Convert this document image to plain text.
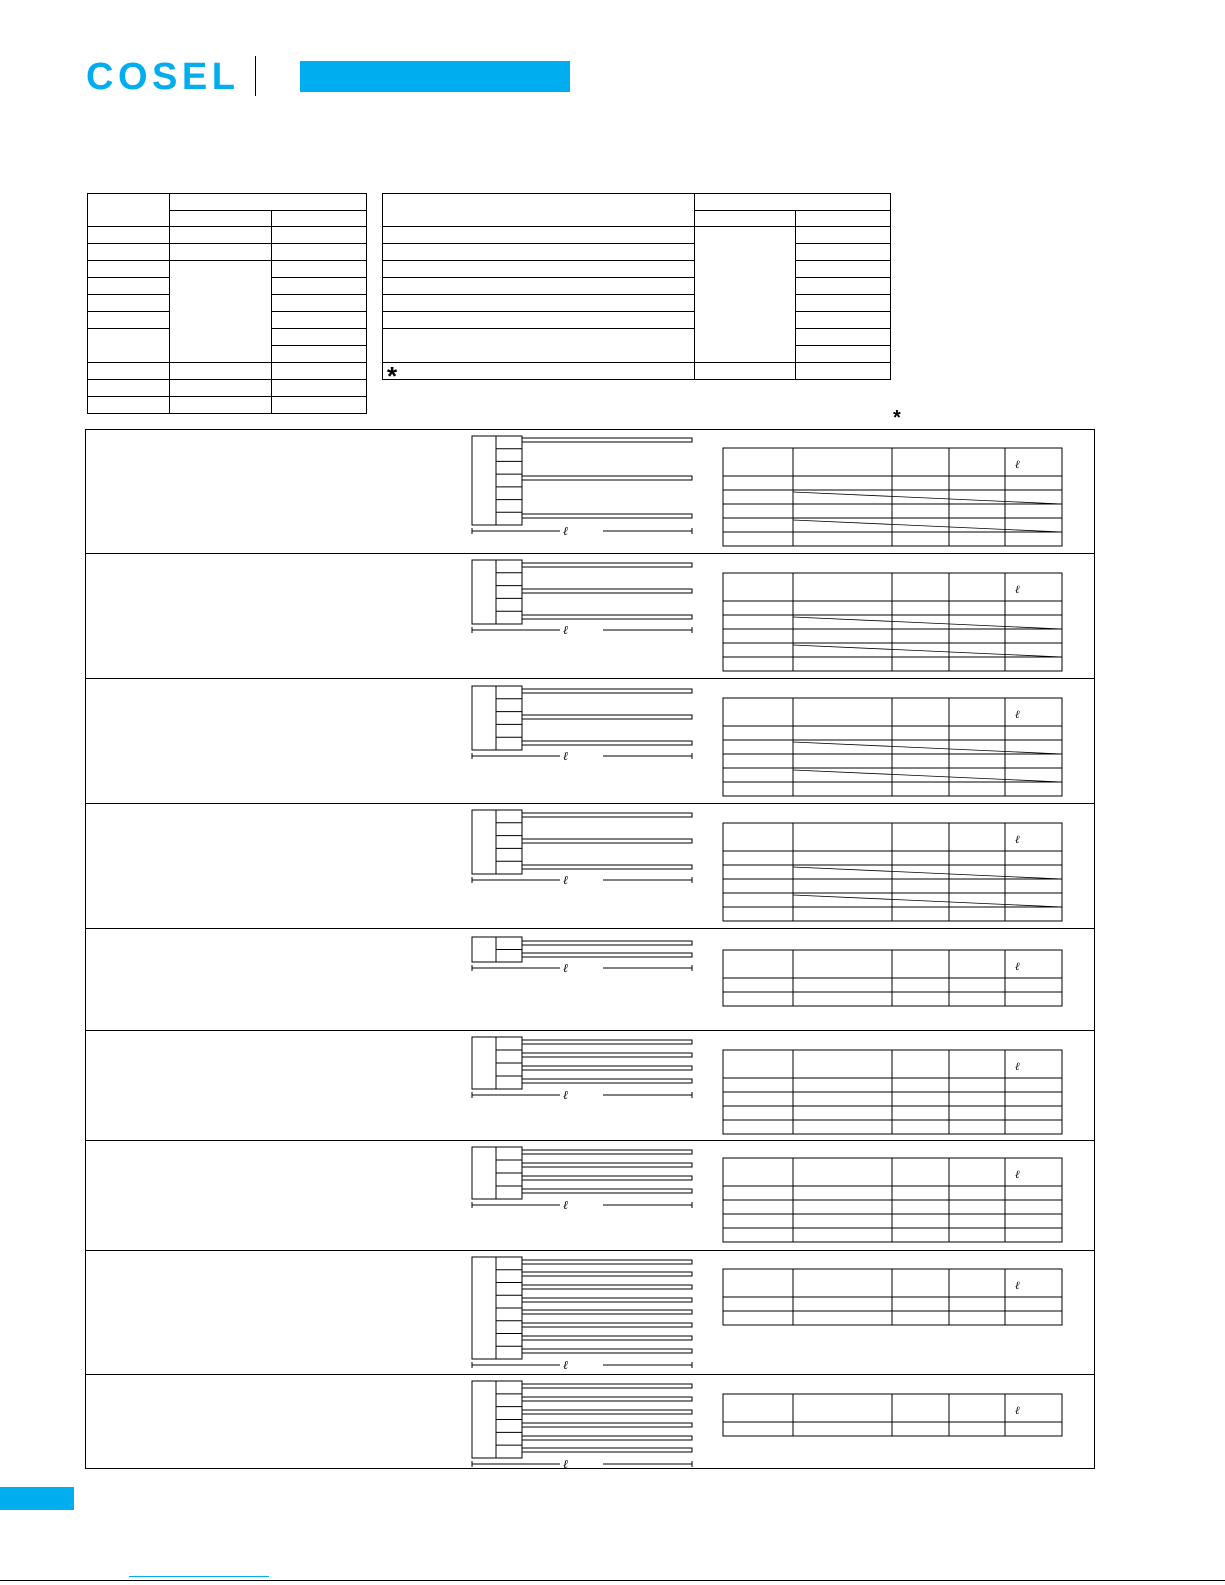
COSEL

*		

*
ℓ
ℓ
ℓ
ℓ
ℓ
ℓ
ℓ
ℓ
ℓ	ℓ
ℓ
ℓ
ℓ
ℓ
ℓ
ℓ
ℓ
ℓ
